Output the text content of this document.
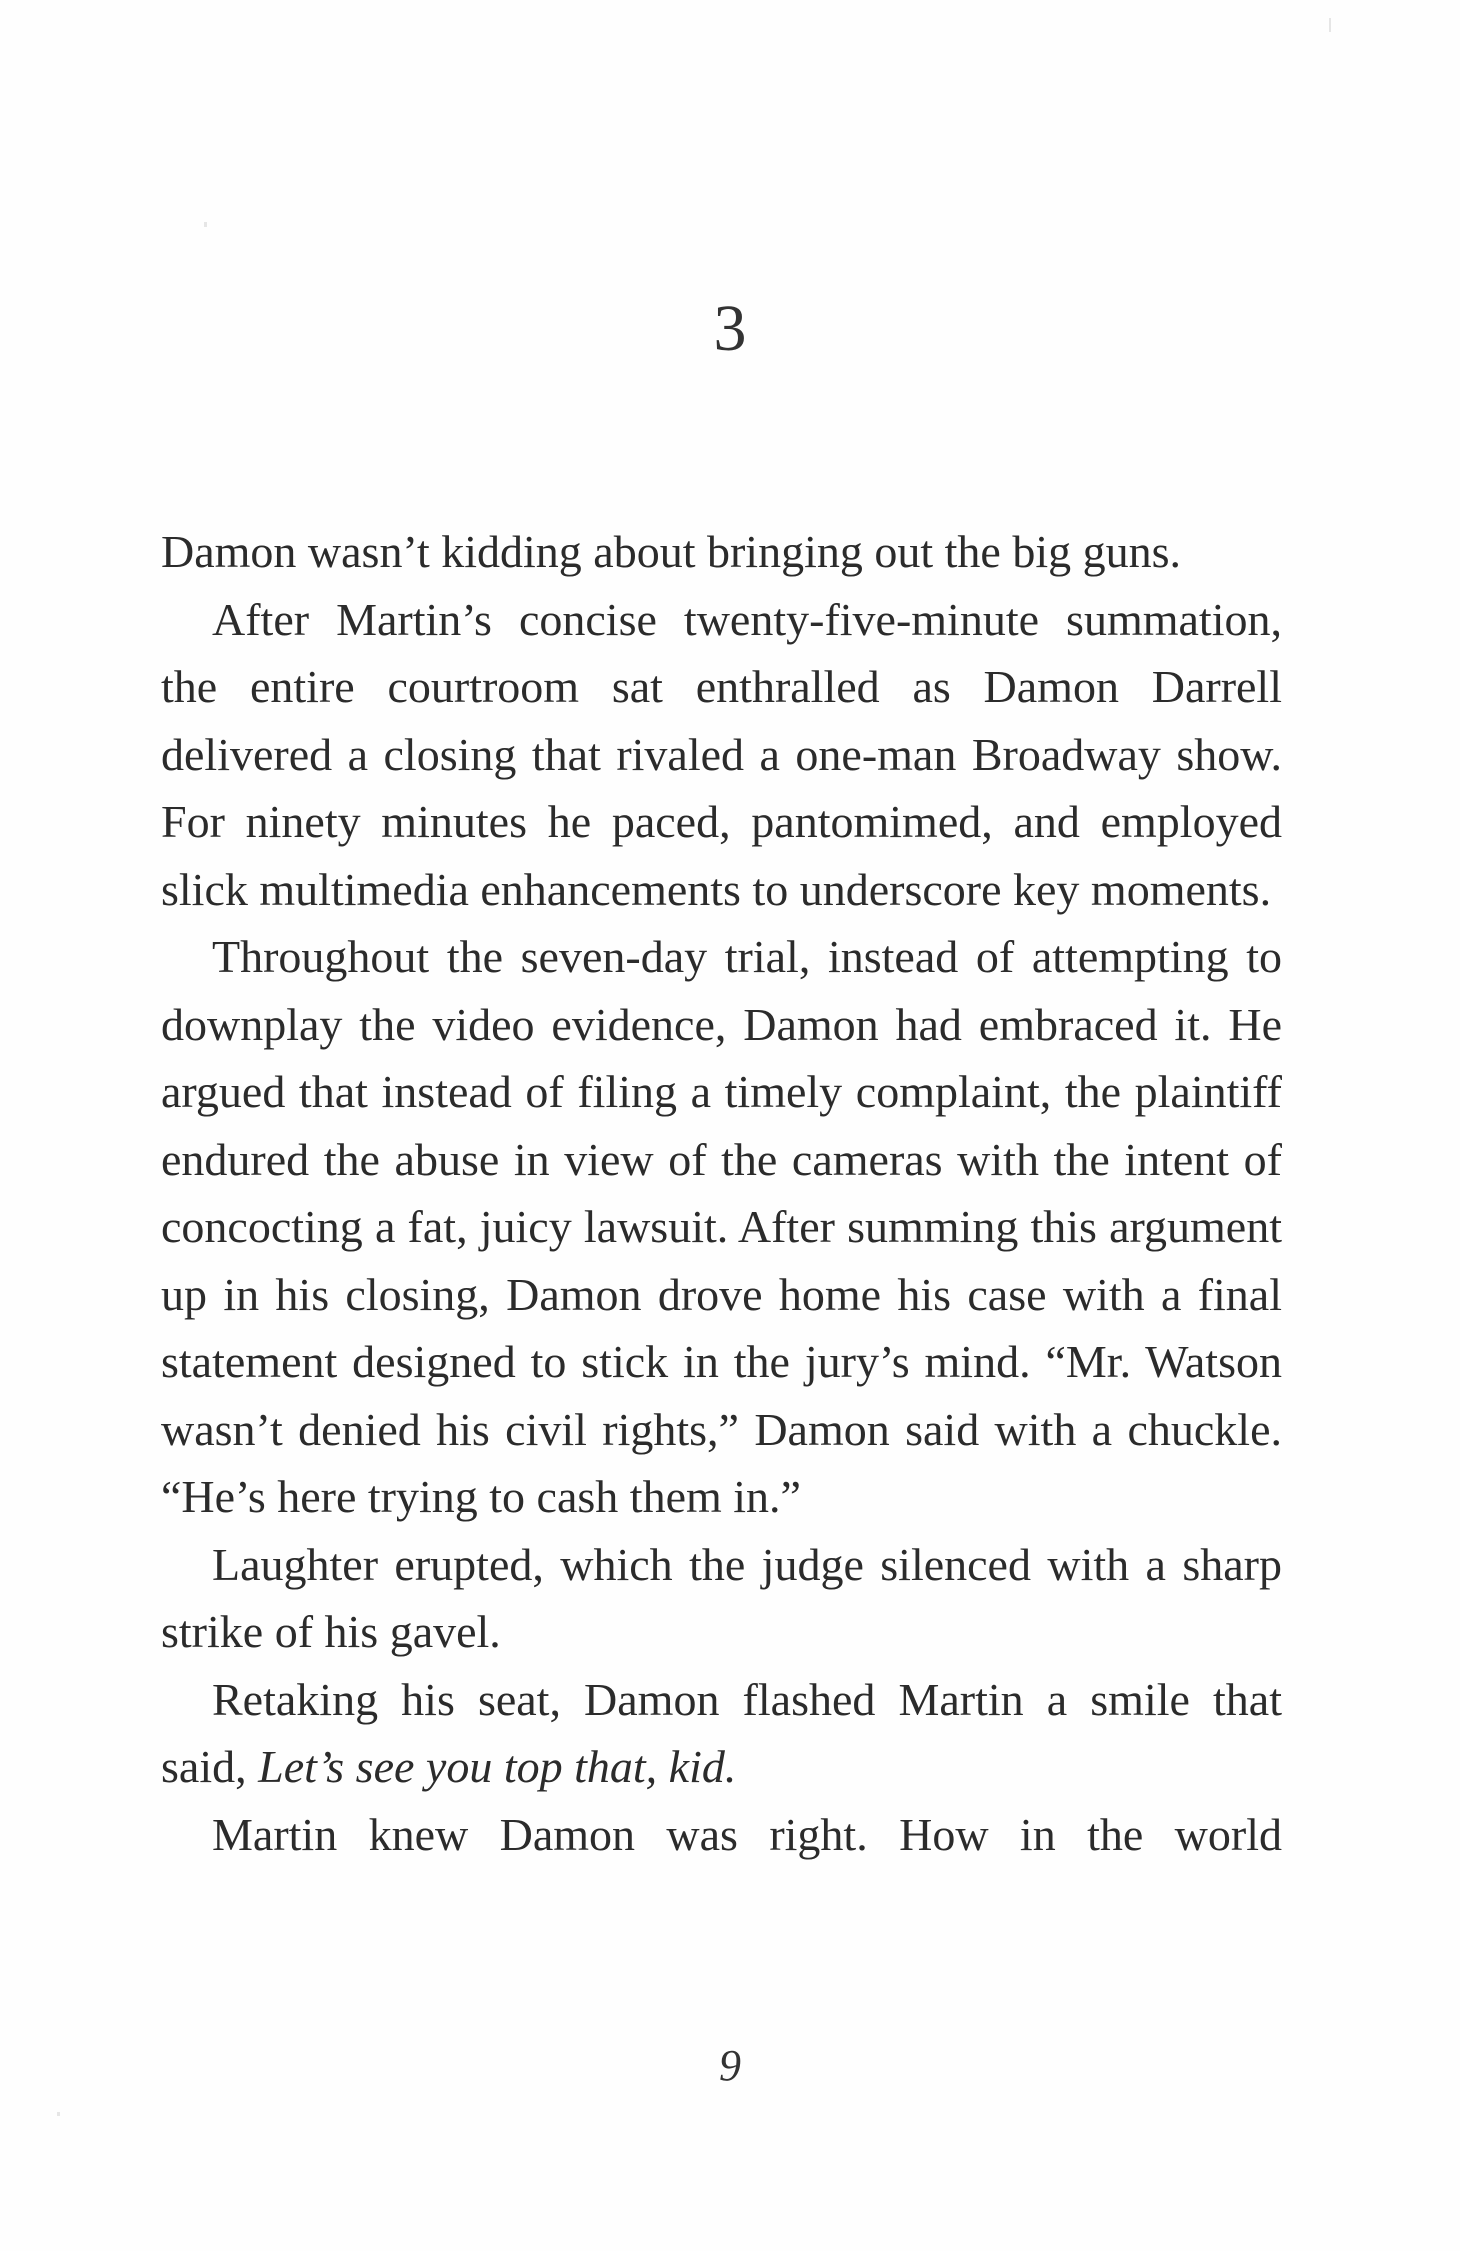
3

Damon wasn’t kidding about bringing out the big guns.

After Martin’s concise twenty-five-minute summation, the entire courtroom sat enthralled as Damon Darrell delivered a closing that rivaled a one-man Broadway show. For ninety minutes he paced, pantomimed, and employed slick multimedia enhancements to underscore key moments.

Throughout the seven-day trial, instead of attempting to downplay the video evidence, Damon had embraced it. He argued that instead of filing a timely complaint, the plaintiff endured the abuse in view of the cameras with the intent of concocting a fat, juicy lawsuit. After summing this argument up in his closing, Damon drove home his case with a final statement designed to stick in the jury’s mind. “Mr. Watson wasn’t denied his civil rights,” Damon said with a chuckle. “He’s here trying to cash them in.”

Laughter erupted, which the judge silenced with a sharp strike of his gavel.

Retaking his seat, Damon flashed Martin a smile that said, Let’s see you top that, kid.

Martin knew Damon was right. How in the world

9
